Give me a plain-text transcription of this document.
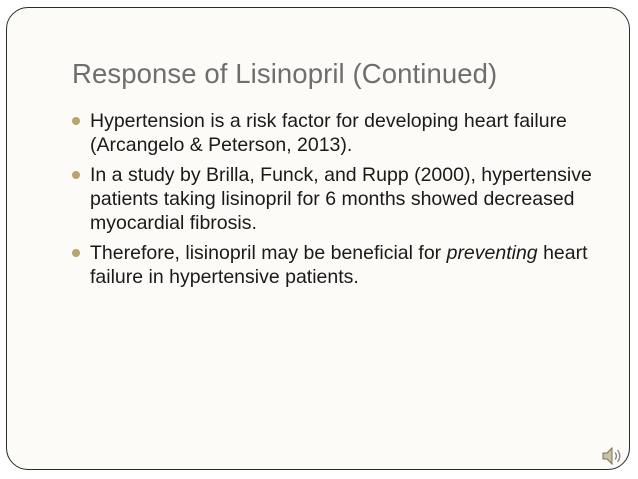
Response of Lisinopril (Continued)
Hypertension is a risk factor for developing heart failure (Arcangelo & Peterson, 2013).
In a study by Brilla, Funck, and Rupp (2000), hypertensive patients taking lisinopril for 6 months showed decreased myocardial fibrosis.
Therefore, lisinopril may be beneficial for preventing heart failure in hypertensive patients.
